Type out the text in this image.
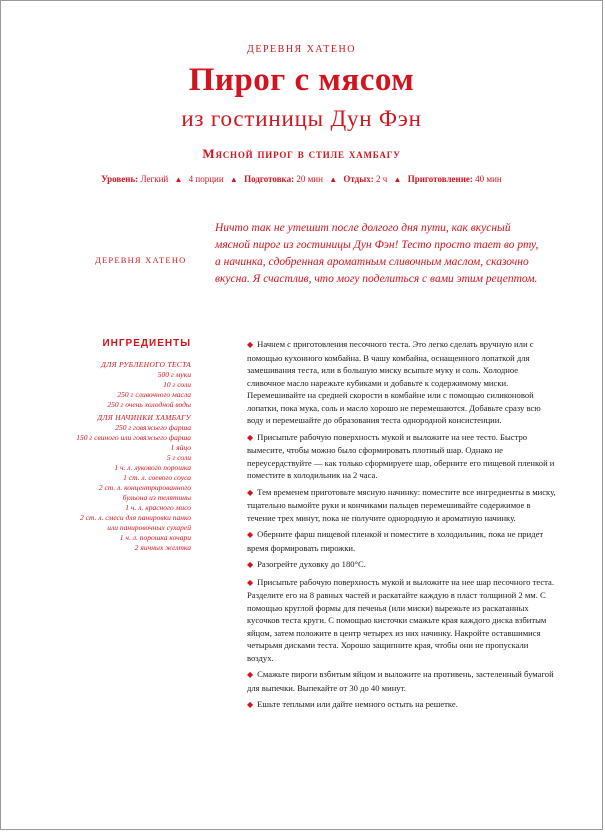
ДЕРЕВНЯ ХАТЕНО
Пирог с мясом
из гостиницы Дун Фэн
Мясной пирог в стиле хамбагу
Уровень: Легкий ▲ 4 порции ▲ Подготовка: 20 мин ▲ Отдых: 2 ч ▲ Приготовление: 40 мин
ДЕРЕВНЯ ХАТЕНО
Ничто так не утешит после долгого дня пути, как вкусный мясной пирог из гостиницы Дун Фэн! Тесто просто тает во рту, а начинка, сдобренная ароматным сливочным маслом, сказочно вкусна. Я счастлив, что могу поделиться с вами этим рецептом.
ИНГРЕДИЕНТЫ
ДЛЯ РУБЛЕНОГО ТЕСТА
500 г муки
10 г соли
250 г сливочного масла
250 г очень холодной воды
ДЛЯ НАЧИНКИ ХАМБАГУ
250 г говяжьего фарша
150 г свиного или говяжьего фарша
1 яйцо
5 г соли
1 ч. л. лукового порошка
1 ст. л. соевого соуса
2 ст. л. концентрированного
бульона из телятины
1 ч. л. красного мисо
2 ст. л. смеси для панировки панко
или панировочных сухарей
1 ч. л. порошка кочари
2 яичных желтка
◆ Начнем с приготовления песочного теста. Это легко сделать вручную или с помощью кухонного комбайна. В чашу комбайна, оснащенного лопаткой для замешивания теста, или в большую миску всыпьте муку и соль. Холодное сливочное масло нарежьте кубиками и добавьте к содержимому миски. Перемешивайте на средней скорости в комбайне или с помощью силиконовой лопатки, пока мука, соль и масло хорошо не перемешаются. Добавьте сразу всю воду и перемешайте до образования теста однородной консистенции.
◆ Присыпьте рабочую поверхность мукой и выложите на нее тесто. Быстро вымесите, чтобы можно было сформировать плотный шар. Однако не переусердствуйте — как только сформируете шар, оберните его пищевой пленкой и поместите в холодильник на 2 часа.
◆ Тем временем приготовьте мясную начинку: поместите все ингредиенты в миску, тщательно вымойте руки и кончиками пальцев перемешивайте содержимое в течение трех минут, пока не получите однородную и ароматную начинку.
◆ Оберните фарш пищевой пленкой и поместите в холодильник, пока не придет время формировать пирожки.
◆ Разогрейте духовку до 180°С.
◆ Присыпьте рабочую поверхность мукой и выложите на нее шар песочного теста. Разделите его на 8 равных частей и раскатайте каждую в пласт толщиной 2 мм. С помощью круглой формы для печенья (или миски) вырежьте из раскатанных кусочков теста круги. С помощью кисточки смажьте края каждого диска взбитым яйцом, затем положите в центр четырех из них начинку. Накройте оставшимися четырьмя дисками теста. Хорошо защипните края, чтобы они не пропускали воздух.
◆ Смажьте пироги взбитым яйцом и выложите на противень, застеленный бумагой для выпечки. Выпекайте от 30 до 40 минут.
◆ Ешьте теплыми или дайте немного остыть на решетке.
